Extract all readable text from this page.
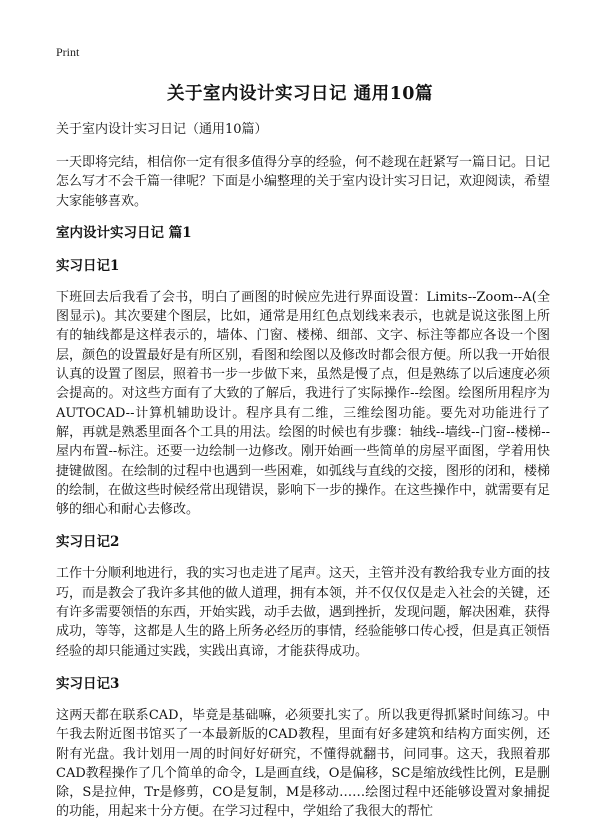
Print
关于室内设计实习日记 通用10篇

关于室内设计实习日记（通用10篇）

一天即将完结，相信你一定有很多值得分享的经验，何不趁现在赶紧写一篇日记。日记怎么写才不会千篇一律呢？下面是小编整理的关于室内设计实习日记，欢迎阅读，希望大家能够喜欢。

室内设计实习日记 篇1
实习日记1

下班回去后我看了会书，明白了画图的时候应先进行界面设置：Limits--Zoom--A(全图显示)。其次要建个图层，比如，通常是用红色点划线来表示，也就是说这张图上所有的轴线都是这样表示的，墙体、门窗、楼梯、细部、文字、标注等都应各设一个图层，颜色的设置最好是有所区别，看图和绘图以及修改时都会很方便。所以我一开始很认真的设置了图层，照着书一步一步做下来，虽然是慢了点，但是熟练了以后速度必须会提高的。对这些方面有了大致的了解后，我进行了实际操作--绘图。绘图所用程序为AUTOCAD--计算机辅助设计。程序具有二维，三维绘图功能。要先对功能进行了解，再就是熟悉里面各个工具的用法。绘图的时候也有步骤：轴线--墙线--门窗--楼梯--屋内布置--标注。还要一边绘制一边修改。刚开始画一些简单的房屋平面图，学着用快捷键做图。在绘制的过程中也遇到一些困难，如弧线与直线的交接，图形的闭和，楼梯的绘制，在做这些时候经常出现错误，影响下一步的操作。在这些操作中，就需要有足够的细心和耐心去修改。

实习日记2

工作十分顺利地进行，我的实习也走进了尾声。这天，主管并没有教给我专业方面的技巧，而是教会了我许多其他的做人道理，拥有本领，并不仅仅仅是走入社会的关键，还有许多需要领悟的东西，开始实践，动手去做，遇到挫折，发现问题，解决困难，获得成功，等等，这都是人生的路上所务必经历的事情，经验能够口传心授，但是真正领悟经验的却只能通过实践，实践出真谛，才能获得成功。

实习日记3

这两天都在联系CAD，毕竟是基础嘛，必须要扎实了。所以我更得抓紧时间练习。中午我去附近图书馆买了一本最新版的CAD教程，里面有好多建筑和结构方面实例，还附有光盘。我计划用一周的时间好好研究，不懂得就翻书，问同事。这天，我照着那CAD教程操作了几个简单的命令，L是画直线，O是偏移，SC是缩放线性比例，E是删除，S是拉伸，Tr是修剪，CO是复制，M是移动……绘图过程中还能够设置对象捕捉的功能，用起来十分方便。在学习过程中，学姐给了我很大的帮忙
